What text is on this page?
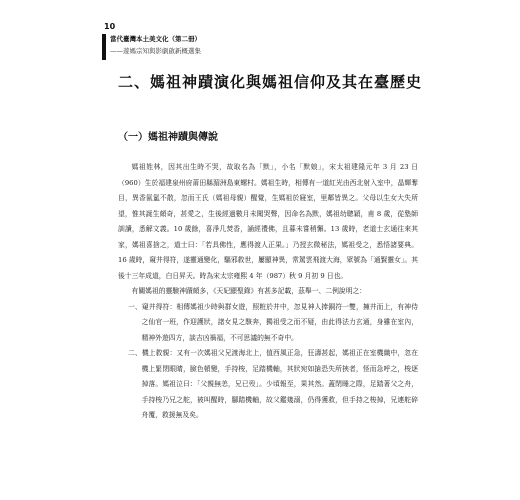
10
當代臺灣本土美文化（第二冊）
——遊媽宗知與影劇啟新概選集
二、媽祖神蹟演化與媽祖信仰及其在臺歷史
（一）媽祖神蹟與傳說

媽祖姓林，因其出生時不哭，故取名為「默」，小名「默娘」，宋太祖建隆元年 3 月 23 日（960）生於福建泉州府莆田縣湄洲島東螺村。媽祖生時，相傳有一道紅光由西北射入室中，晶輝奪目，異香氤氳不散，忽而王氏（媽祖母親）醒覺，生媽祖於寢室，里鄰皆異之。父母以生女大失所望，惟其誕生頗奇，甚愛之，生後經過數月未聞哭聲，因命名為默，媽祖幼聰穎，甫 8 歲，從塾師訓讀，悉解文義。10 歲餘，喜淨几焚香，誦經禮佛，且暮未嘗稍懈。13 歲時，老道士玄通往來其家，媽祖喜捨之，道士曰：「若具佛性，應得渡人正果。」乃授玄微秘法，媽祖受之，悉悟諸要典。16 歲時，窺井得符，遂靈通變化，驅邪救世，屢顯神異，常駕雲飛渡大海，眾號為「通賢靈女」。其後十三年成道，白日昇天。時為宋太宗雍熙 4 年（987）秋 9 月初 9 日也。

有關媽祖的靈驗神蹟頗多，《天妃顯聖錄》有甚多記載，茲舉一、二例說明之：

一、窺井得符：相傳媽祖少時與群女遊，照粧於井中，忽見神人捧銅符一雙，擁井而上，有神侍之仙官一班，作迎護狀，諸女見之駭奔，獨祖受之而不疑，由此得法力玄通，身雖在室內，精神外遊四方，談吉凶禍福，不可思議的無不奇中。

二、機上救親：又有一次媽祖父兄渡海北上，值西風正急，狂濤甚起，媽祖正在室機織中，忽在機上緊閉眼睛，臉色頓變，手持梭，足踏機軸，其狀宛如搶恐失所挾者，怪而急呼之，梭逐掉落。媽祖泣曰：「父親無恙，兄已殁」。少頃報至，果其然。蓋閉睡之際，足踏著父之舟，手持梭乃兄之舵，被叫醒時，腳踏機軸，故父鑑幾溺，仍得獲救，但手持之梭掉，兄連舵碎舟覆，救援無及矣。
